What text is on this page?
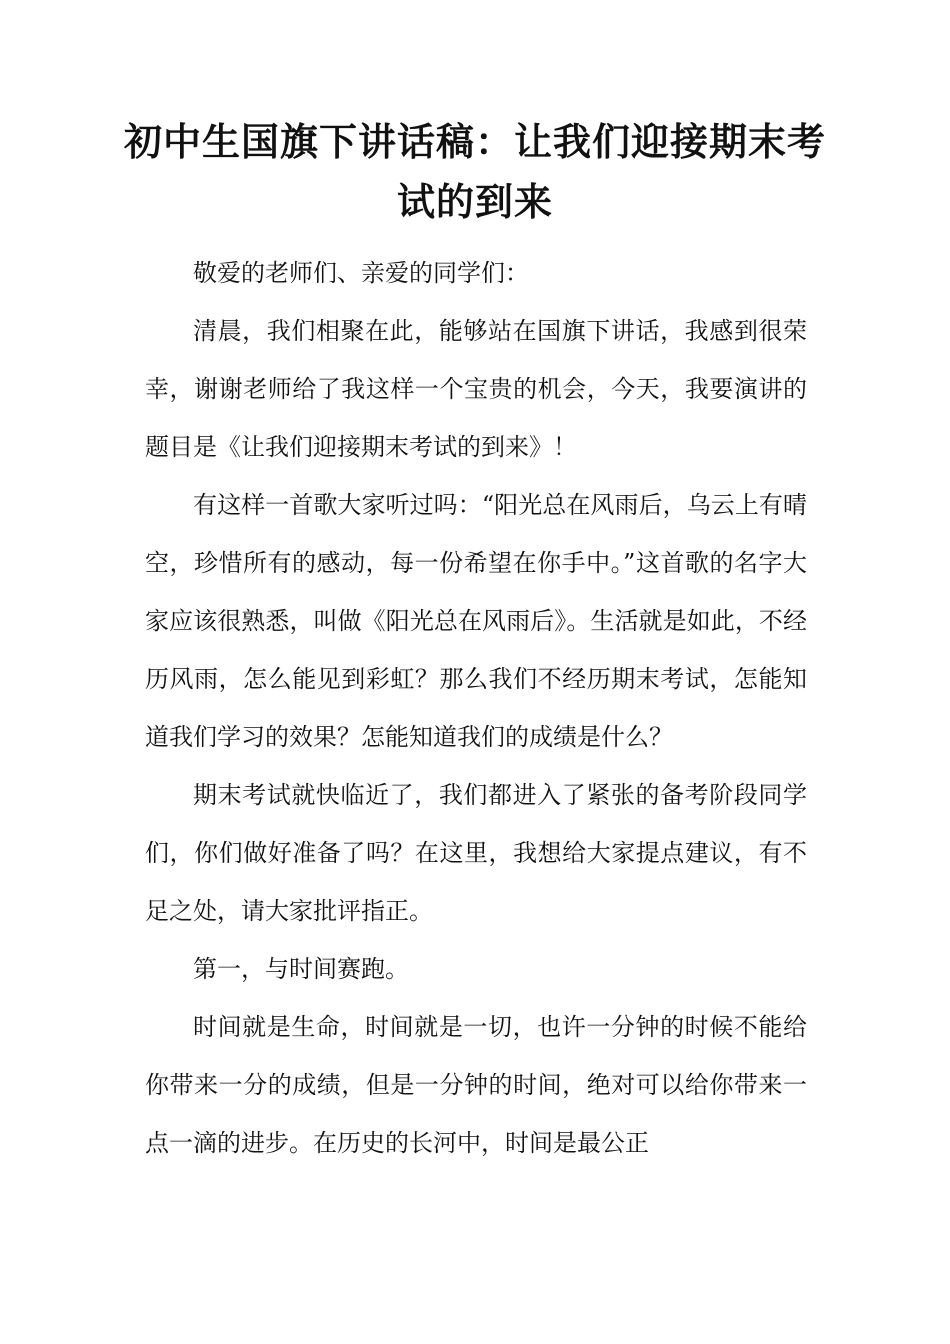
初中生国旗下讲话稿：让我们迎接期末考试的到来

敬爱的老师们、亲爱的同学们：

清晨，我们相聚在此，能够站在国旗下讲话，我感到很荣幸，谢谢老师给了我这样一个宝贵的机会，今天，我要演讲的题目是《让我们迎接期末考试的到来》！

有这样一首歌大家听过吗：“阳光总在风雨后，乌云上有晴空，珍惜所有的感动，每一份希望在你手中。”这首歌的名字大家应该很熟悉，叫做《阳光总在风雨后》。生活就是如此，不经历风雨，怎么能见到彩虹？那么我们不经历期末考试，怎能知道我们学习的效果？怎能知道我们的成绩是什么？

期末考试就快临近了，我们都进入了紧张的备考阶段同学们，你们做好准备了吗？在这里，我想给大家提点建议，有不足之处，请大家批评指正。

第一，与时间赛跑。

时间就是生命，时间就是一切，也许一分钟的时候不能给你带来一分的成绩，但是一分钟的时间，绝对可以给你带来一点一滴的进步。在历史的长河中，时间是最公正
